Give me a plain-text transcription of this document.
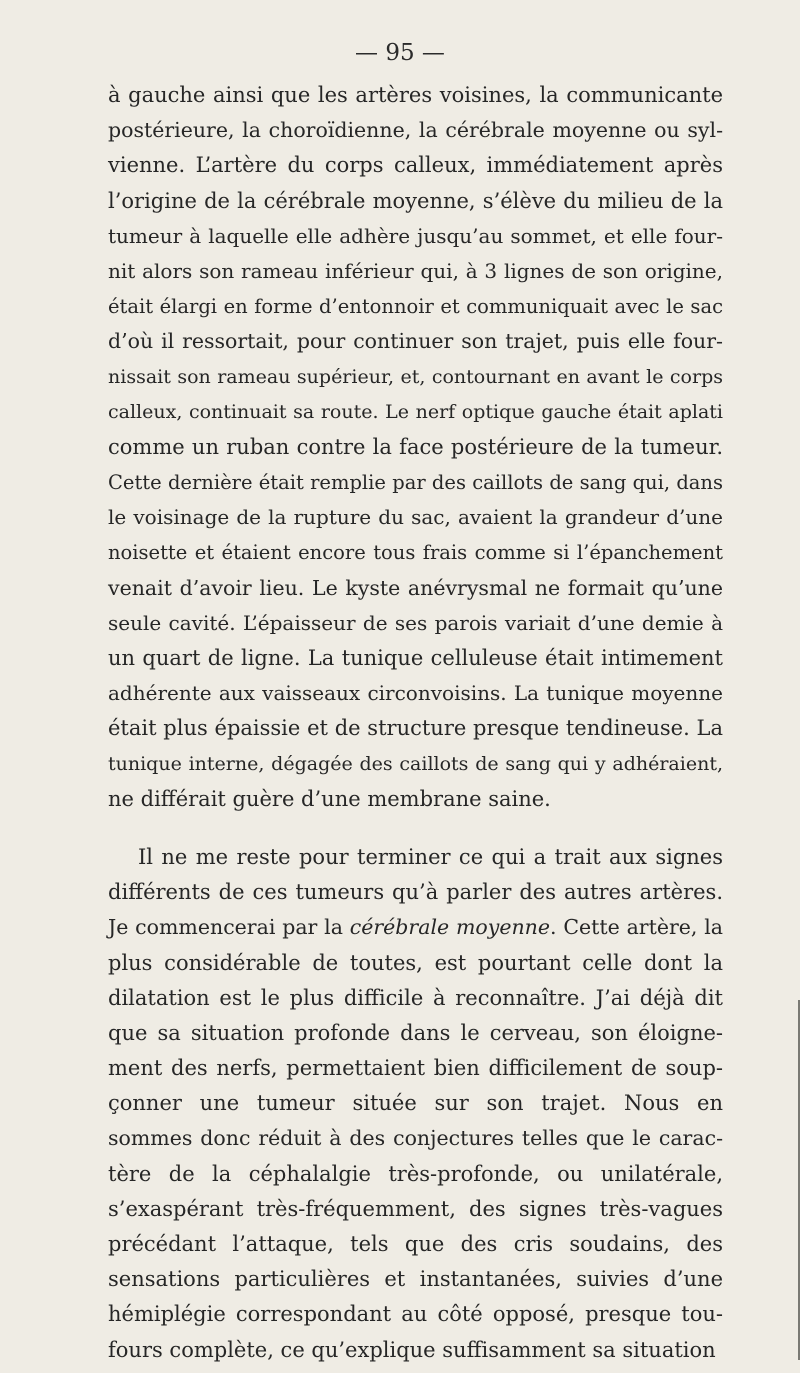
— 95 —

à gauche ainsi que les artères voisines, la communicante
postérieure, la choroïdienne, la cérébrale moyenne ou syl-
vienne. L’artère du corps calleux, immédiatement après
l’origine de la cérébrale moyenne, s’élève du milieu de la
tumeur à laquelle elle adhère jusqu’au sommet, et elle four-
nit alors son rameau inférieur qui, à 3 lignes de son origine,
était élargi en forme d’entonnoir et communiquait avec le sac
d’où il ressortait, pour continuer son trajet, puis elle four-
nissait son rameau supérieur, et, contournant en avant le corps
calleux, continuait sa route. Le nerf optique gauche était aplati
comme un ruban contre la face postérieure de la tumeur.
Cette dernière était remplie par des caillots de sang qui, dans
le voisinage de la rupture du sac, avaient la grandeur d’une
noisette et étaient encore tous frais comme si l’épanchement
venait d’avoir lieu. Le kyste anévrysmal ne formait qu’une
seule cavité. L’épaisseur de ses parois variait d’une demie à
un quart de ligne. La tunique celluleuse était intimement
adhérente aux vaisseaux circonvoisins. La tunique moyenne
était plus épaissie et de structure presque tendineuse. La
tunique interne, dégagée des caillots de sang qui y adhéraient,
ne différait guère d’une membrane saine.
Il ne me reste pour terminer ce qui a trait aux signes
différents de ces tumeurs qu’à parler des autres artères.
Je commencerai par la cérébrale moyenne. Cette artère, la
plus considérable de toutes, est pourtant celle dont la
dilatation est le plus difficile à reconnaître. J’ai déjà dit
que sa situation profonde dans le cerveau, son éloigne-
ment des nerfs, permettaient bien difficilement de soup-
çonner une tumeur située sur son trajet. Nous en
sommes donc réduit à des conjectures telles que le carac-
tère de la céphalalgie très-profonde, ou unilatérale,
s’exaspérant très-fréquemment, des signes très-vagues
précédant l’attaque, tels que des cris soudains, des
sensations particulières et instantanées, suivies d’une
hémiplégie correspondant au côté opposé, presque tou-
fours complète, ce qu’explique suffisamment sa situation
